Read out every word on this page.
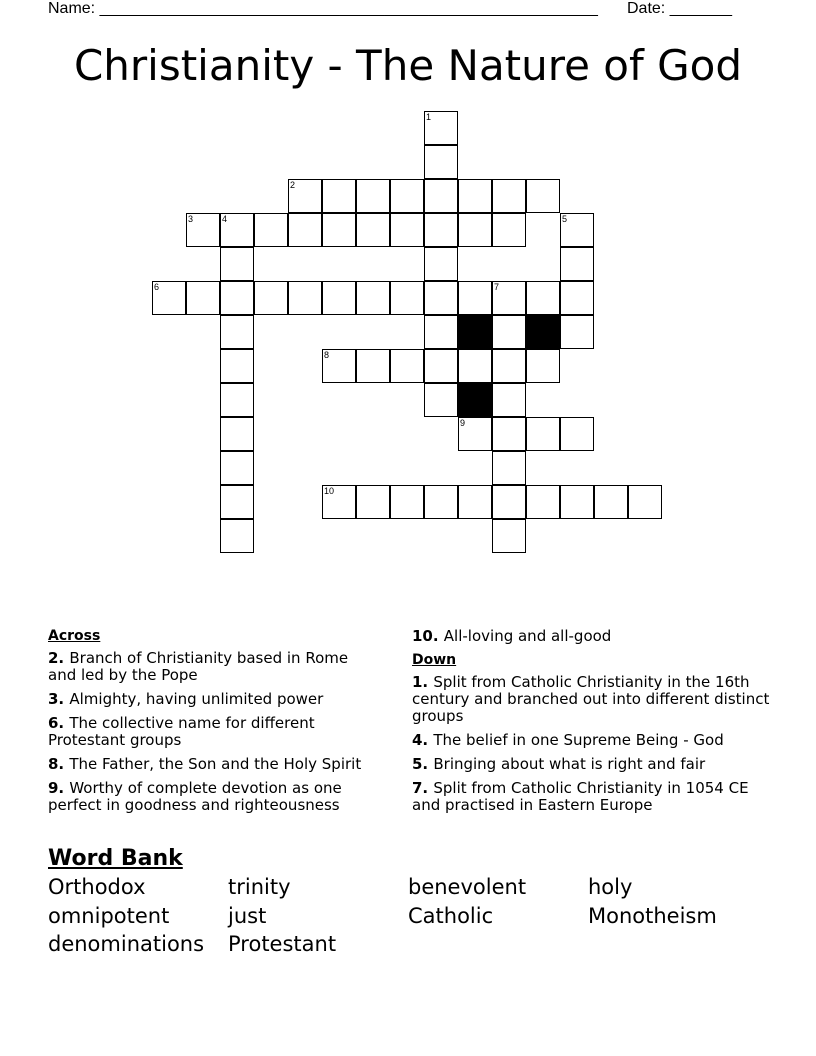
Name: ________________________________________________________ Date: _______
Christianity - The Nature of God
1
2
3	4	5
6	7
8
9
10
Across
2. Branch of Christianity based in Rome and led by the Pope
3. Almighty, having unlimited power
6. The collective name for different Protestant groups
8. The Father, the Son and the Holy Spirit
9. Worthy of complete devotion as one perfect in goodness and righteousness
10. All-loving and all-good
Down
1. Split from Catholic Christianity in the 16th century and branched out into different distinct groups
4. The belief in one Supreme Being - God
5. Bringing about what is right and fair
7. Split from Catholic Christianity in 1054 CE and practised in Eastern Europe
Word Bank
Orthodox	trinity	benevolent	holy
omnipotent	just	Catholic	Monotheism
denominations	Protestant
